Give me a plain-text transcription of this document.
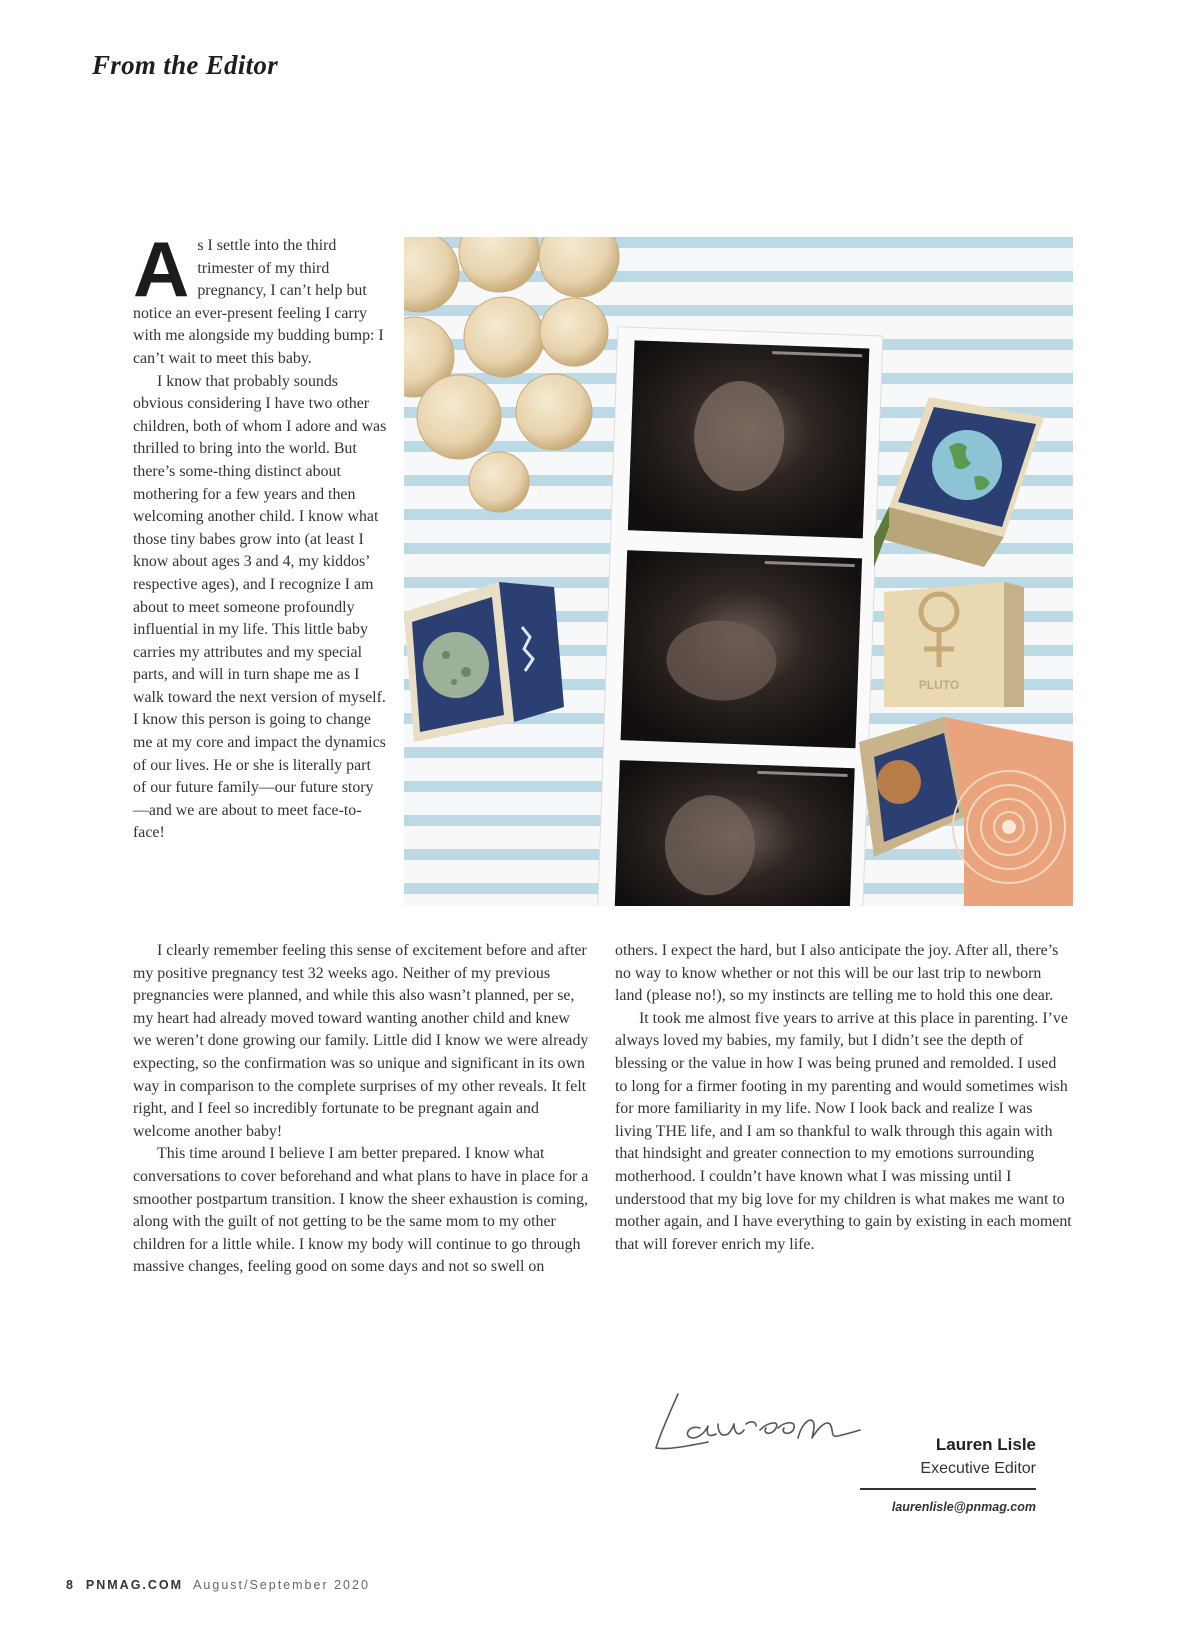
From the Editor

As I settle into the third trimester of my third pregnancy, I can’t help but notice an ever-present feeling I carry with me alongside my budding bump: I can’t wait to meet this baby.

I know that probably sounds obvious considering I have two other children, both of whom I adore and was thrilled to bring into the world. But there’s some-thing distinct about mothering for a few years and then welcoming another child. I know what those tiny babes grow into (at least I know about ages 3 and 4, my kiddos’ respective ages), and I recognize I am about to meet someone profoundly influential in my life. This little baby carries my attributes and my special parts, and will in turn shape me as I walk toward the next version of myself. I know this person is going to change me at my core and impact the dynamics of our lives. He or she is literally part of our future family—our future story—and we are about to meet face-to-face!

PLUTO

I clearly remember feeling this sense of excitement before and after my positive pregnancy test 32 weeks ago. Neither of my previous pregnancies were planned, and while this also wasn’t planned, per se, my heart had already moved toward wanting another child and knew we weren’t done growing our family. Little did I know we were already expecting, so the confirmation was so unique and significant in its own way in comparison to the complete surprises of my other reveals. It felt right, and I feel so incredibly fortunate to be pregnant again and welcome another baby!

This time around I believe I am better prepared. I know what conversations to cover beforehand and what plans to have in place for a smoother postpartum transition. I know the sheer exhaustion is coming, along with the guilt of not getting to be the same mom to my other children for a little while. I know my body will continue to go through massive changes, feeling good on some days and not so swell on

others. I expect the hard, but I also anticipate the joy. After all, there’s no way to know whether or not this will be our last trip to newborn land (please no!), so my instincts are telling me to hold this one dear.

It took me almost five years to arrive at this place in parenting. I’ve always loved my babies, my family, but I didn’t see the depth of blessing or the value in how I was being pruned and remolded. I used to long for a firmer footing in my parenting and would sometimes wish for more familiarity in my life. Now I look back and realize I was living THE life, and I am so thankful to walk through this again with that hindsight and greater connection to my emotions surrounding motherhood. I couldn’t have known what I was missing until I understood that my big love for my children is what makes me want to mother again, and I have everything to gain by existing in each moment that will forever enrich my life.

Lauren Lisle
Executive Editor
laurenlisle@pnmag.com
8 PNMAG.COM August/September 2020
